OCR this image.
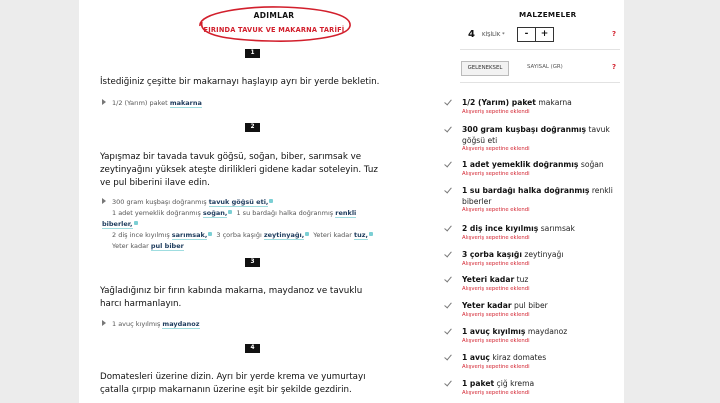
ADIMLAR
FIRINDA TAVUK VE MAKARNA TARİFİ
1
İstediğiniz çeşitte bir makarnayı haşlayıp ayrı bir yerde bekletin.
1/2 (Yarım) paket makarna
2
Yapışmaz bir tavada tavuk göğsü, soğan, biber, sarımsak ve zeytinyağını yüksek ateşte dirilikleri gidene kadar soteleyin. Tuz ve pul biberini ilave edin.
300 gram kuşbaşı doğranmış tavuk göğsü eti,
1 adet yemeklik doğranmış soğan, 1 su bardağı halka doğranmış renkli biberler,
2 diş ince kıyılmış sarımsak, 3 çorba kaşığı zeytinyağı, Yeteri kadar tuz,
Yeter kadar pul biber
3
Yağladığınız bir fırın kabında makarna, maydanoz ve tavuklu harcı harmanlayın.
1 avuç kıyılmış maydanoz
4
Domatesleri üzerine dizin. Ayrı bir yerde krema ve yumurtayı çatalla çırpıp makarnanın üzerine eşit bir şekilde gezdirin.
MALZEMELER
4 KİŞİLİK *	-	+	?
GELENEKSEL	SAYISAL (GR)	?
1/2 (Yarım) paket makarna
Alışveriş sepetine eklendi
300 gram kuşbaşı doğranmış tavuk göğsü eti
Alışveriş sepetine eklendi
1 adet yemeklik doğranmış soğan
Alışveriş sepetine eklendi
1 su bardağı halka doğranmış renkli biberler
Alışveriş sepetine eklendi
2 diş ince kıyılmış sarımsak
Alışveriş sepetine eklendi
3 çorba kaşığı zeytinyağı
Alışveriş sepetine eklendi
Yeteri kadar tuz
Alışveriş sepetine eklendi
Yeter kadar pul biber
Alışveriş sepetine eklendi
1 avuç kıyılmış maydanoz
Alışveriş sepetine eklendi
1 avuç kiraz domates
Alışveriş sepetine eklendi
1 paket çiğ krema
Alışveriş sepetine eklendi
